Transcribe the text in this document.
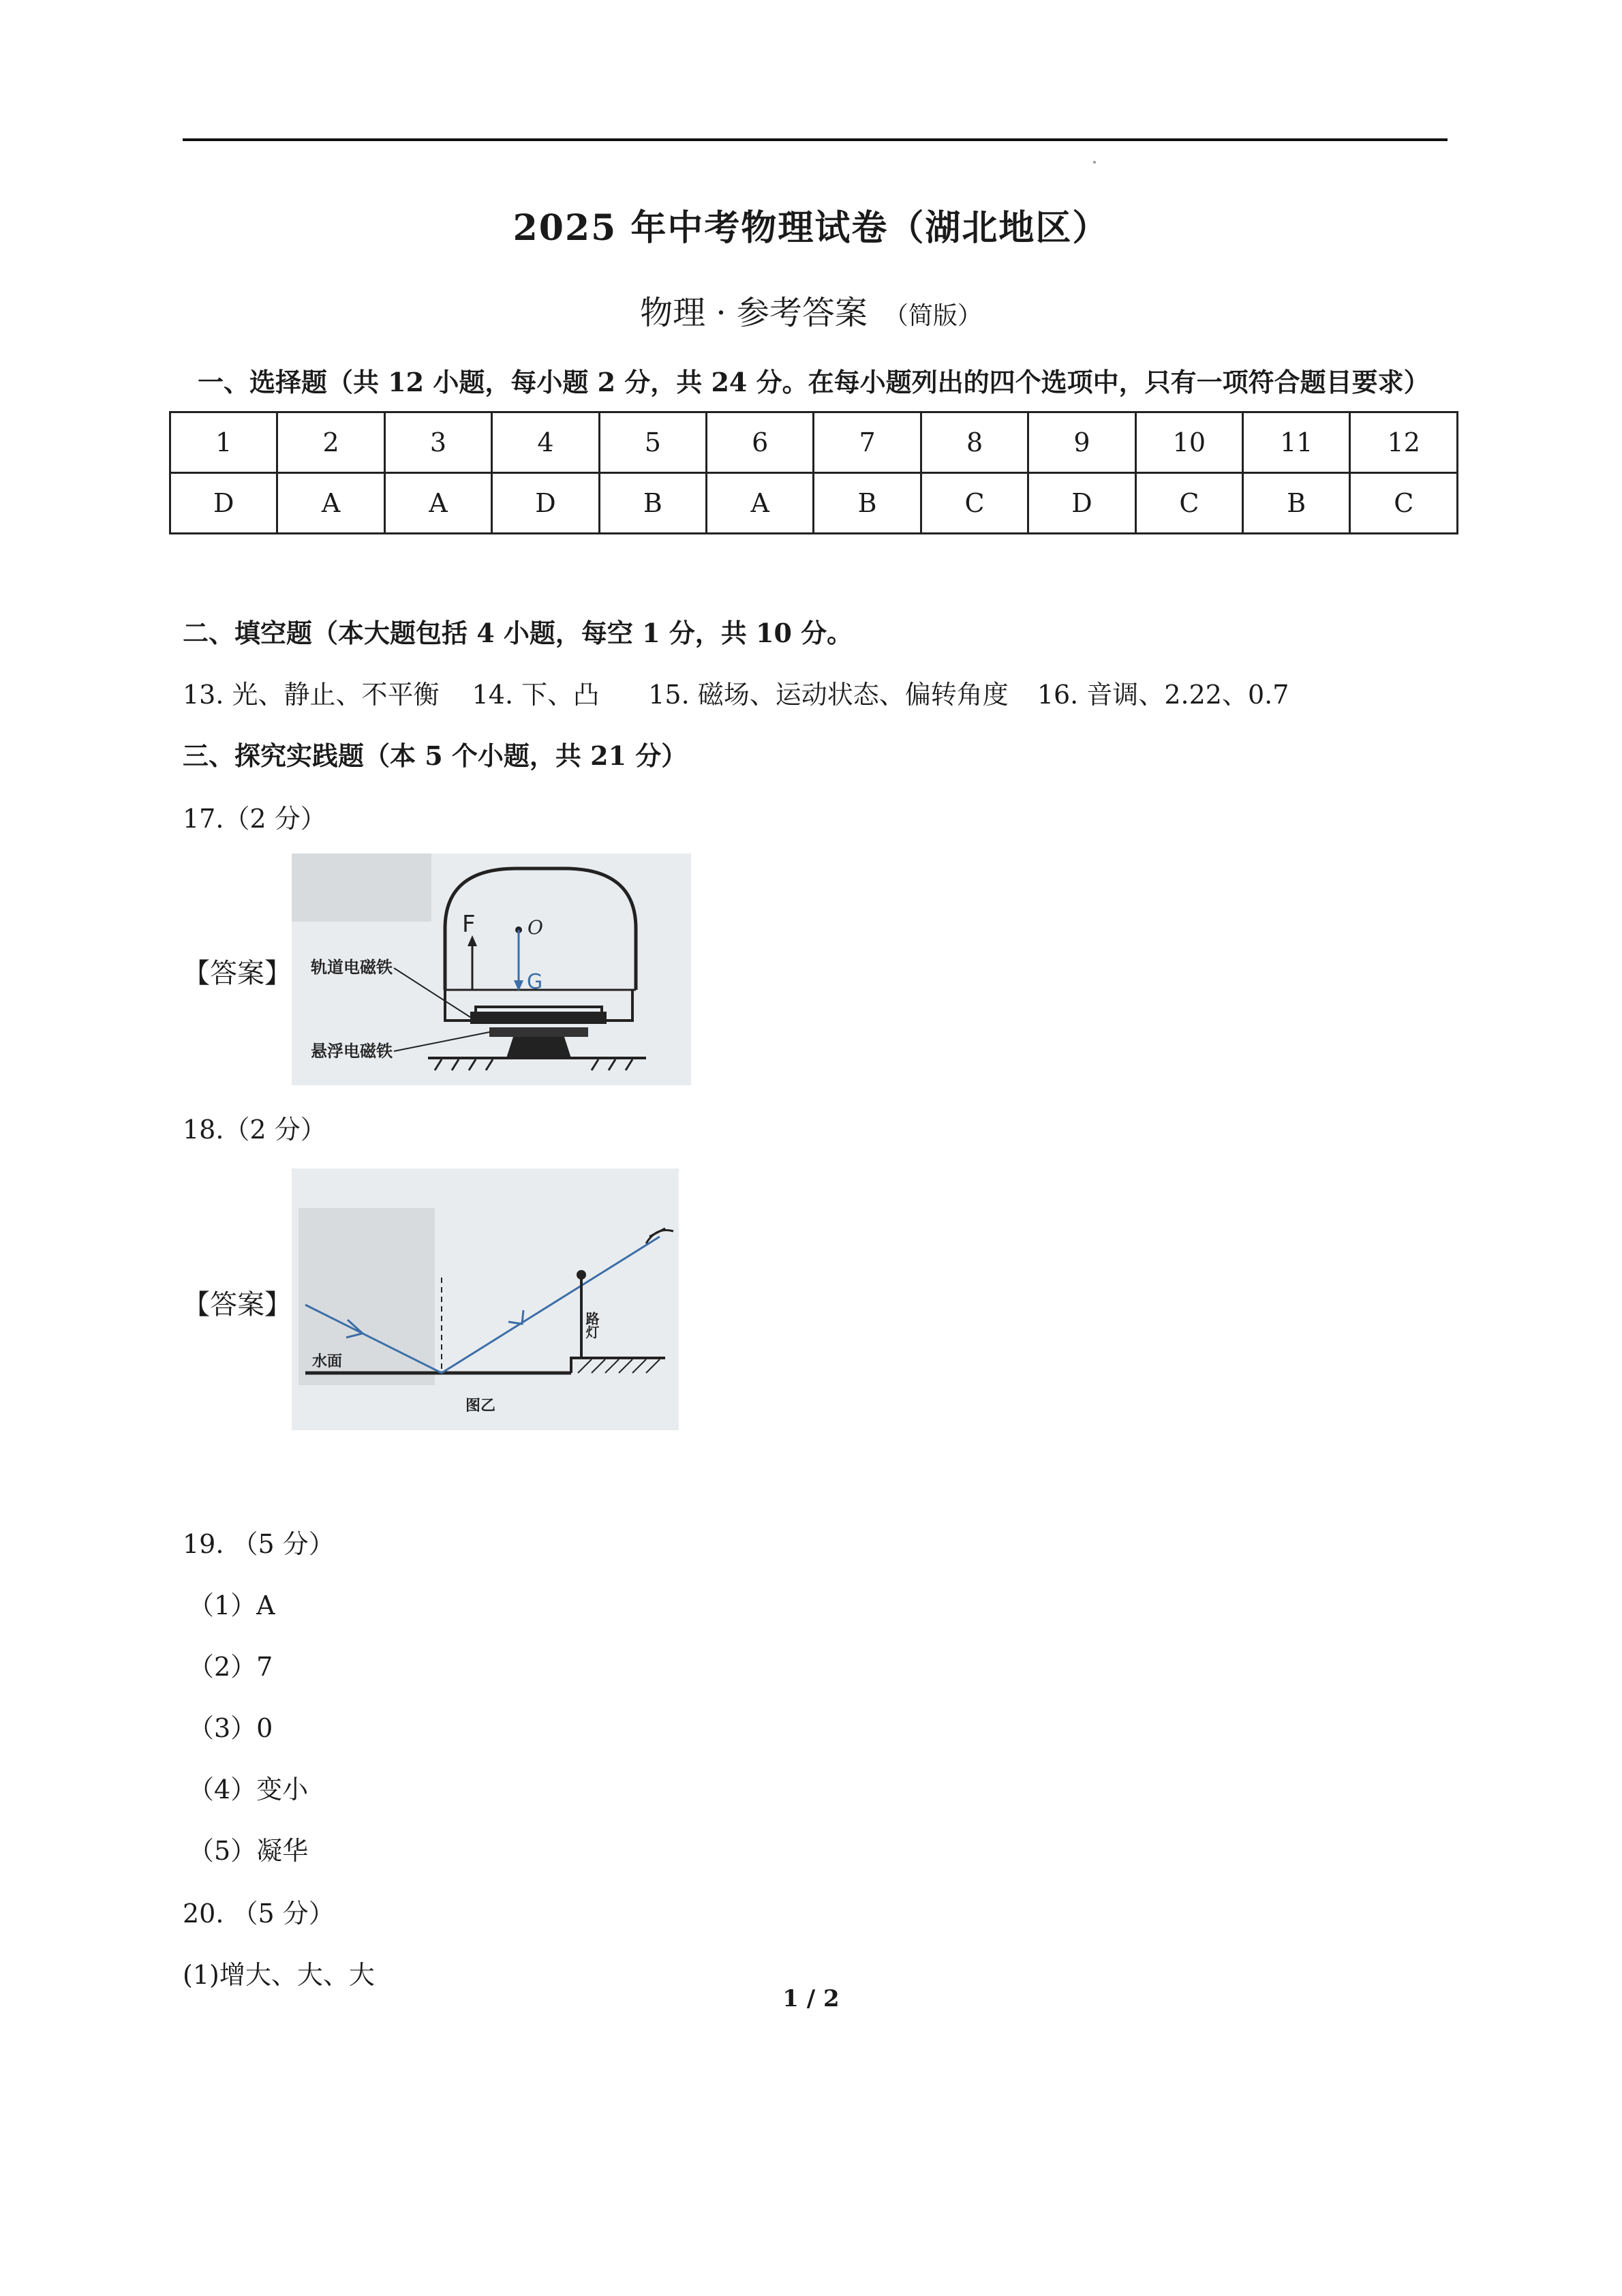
2025 年中考物理试卷（湖北地区）
物理 · 参考答案 （简版）
一、选择题（共 12 小题，每小题 2 分，共 24 分。在每小题列出的四个选项中，只有一项符合题目要求）
1	2	3	4	5	6	7	8	9	10	11	12
D	A	A	D	B	A	B	C	D	C	B	C
二、填空题（本大题包括 4 小题，每空 1 分，共 10 分。
13. 光、静止、不平衡 14. 下、凸 15. 磁场、运动状态、偏转角度 16. 音调、2.22、0.7
三、探究实践题（本 5 个小题，共 21 分）
17.（2 分）
【答案】
F	O
G
轨道电磁铁
悬浮电磁铁
18.（2 分）
【答案】
水面
路灯
图乙
19. （5 分）
（1）A
（2）7
（3）0
（4）变小
（5）凝华
20. （5 分）
(1)增大、大、大
1 / 2
